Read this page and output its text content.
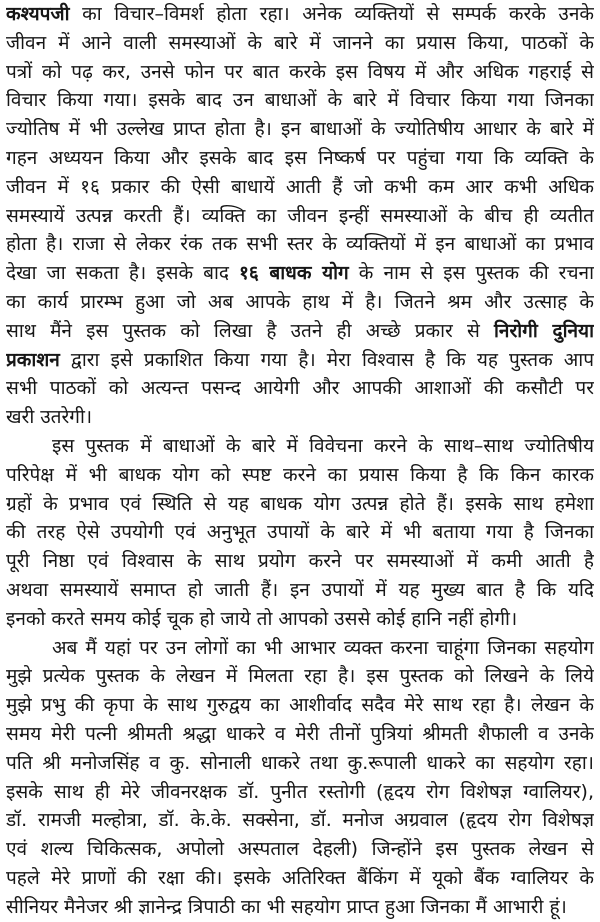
कश्यपजी का विचार–विमर्श होता रहा। अनेक व्यक्तियों से सम्पर्क करके उनके
जीवन में आने वाली समस्याओं के बारे में जानने का प्रयास किया, पाठकों के
पत्रों को पढ़ कर, उनसे फोन पर बात करके इस विषय में और अधिक गहराई से
विचार किया गया। इसके बाद उन बाधाओं के बारे में विचार किया गया जिनका
ज्योतिष में भी उल्लेख प्राप्त होता है। इन बाधाओं के ज्योतिषीय आधार के बारे में
गहन अध्ययन किया और इसके बाद इस निष्कर्ष पर पहुंचा गया कि व्यक्ति के
जीवन में १६ प्रकार की ऐसी बाधायें आती हैं जो कभी कम आर कभी अधिक
समस्यायें उत्पन्न करती हैं। व्यक्ति का जीवन इन्हीं समस्याओं के बीच ही व्यतीत
होता है। राजा से लेकर रंक तक सभी स्तर के व्यक्तियों में इन बाधाओं का प्रभाव
देखा जा सकता है। इसके बाद १६ बाधक योग के नाम से इस पुस्तक की रचना
का कार्य प्रारम्भ हुआ जो अब आपके हाथ में है। जितने श्रम और उत्साह के
साथ मैंने इस पुस्तक को लिखा है उतने ही अच्छे प्रकार से निरोगी दुनिया
प्रकाशन द्वारा इसे प्रकाशित किया गया है। मेरा विश्वास है कि यह पुस्तक आप
सभी पाठकों को अत्यन्त पसन्द आयेगी और आपकी आशाओं की कसौटी पर
खरी उतरेगी।
इस पुस्तक में बाधाओं के बारे में विवेचना करने के साथ–साथ ज्योतिषीय
परिपेक्ष में भी बाधक योग को स्पष्ट करने का प्रयास किया है कि किन कारक
ग्रहों के प्रभाव एवं स्थिति से यह बाधक योग उत्पन्न होते हैं। इसके साथ हमेशा
की तरह ऐसे उपयोगी एवं अनुभूत उपायों के बारे में भी बताया गया है जिनका
पूरी निष्ठा एवं विश्वास के साथ प्रयोग करने पर समस्याओं में कमी आती है
अथवा समस्यायें समाप्त हो जाती हैं। इन उपायों में यह मुख्य बात है कि यदि
इनको करते समय कोई चूक हो जाये तो आपको उससे कोई हानि नहीं होगी।
अब मैं यहां पर उन लोगों का भी आभार व्यक्त करना चाहूंगा जिनका सहयोग
मुझे प्रत्येक पुस्तक के लेखन में मिलता रहा है। इस पुस्तक को लिखने के लिये
मुझे प्रभु की कृपा के साथ गुरुद्वय का आशीर्वाद सदैव मेरे साथ रहा है। लेखन के
समय मेरी पत्नी श्रीमती श्रद्धा धाकरे व मेरी तीनों पुत्रियां श्रीमती शैफाली व उनके
पति श्री मनोजसिंह व कु. सोनाली धाकरे तथा कु.रूपाली धाकरे का सहयोग रहा।
इसके साथ ही मेरे जीवनरक्षक डॉ. पुनीत रस्तोगी (हृदय रोग विशेषज्ञ ग्वालियर),
डॉ. रामजी मल्होत्रा, डॉ. के.के. सक्सेना, डॉ. मनोज अग्रवाल (हृदय रोग विशेषज्ञ
एवं शल्य चिकित्सक, अपोलो अस्पताल देहली) जिन्होंने इस पुस्तक लेखन से
पहले मेरे प्राणों की रक्षा की। इसके अतिरिक्त बैंकिंग में यूको बैंक ग्वालियर के
सीनियर मैनेजर श्री ज्ञानेन्द्र त्रिपाठी का भी सहयोग प्राप्त हुआ जिनका मैं आभारी हूं।
